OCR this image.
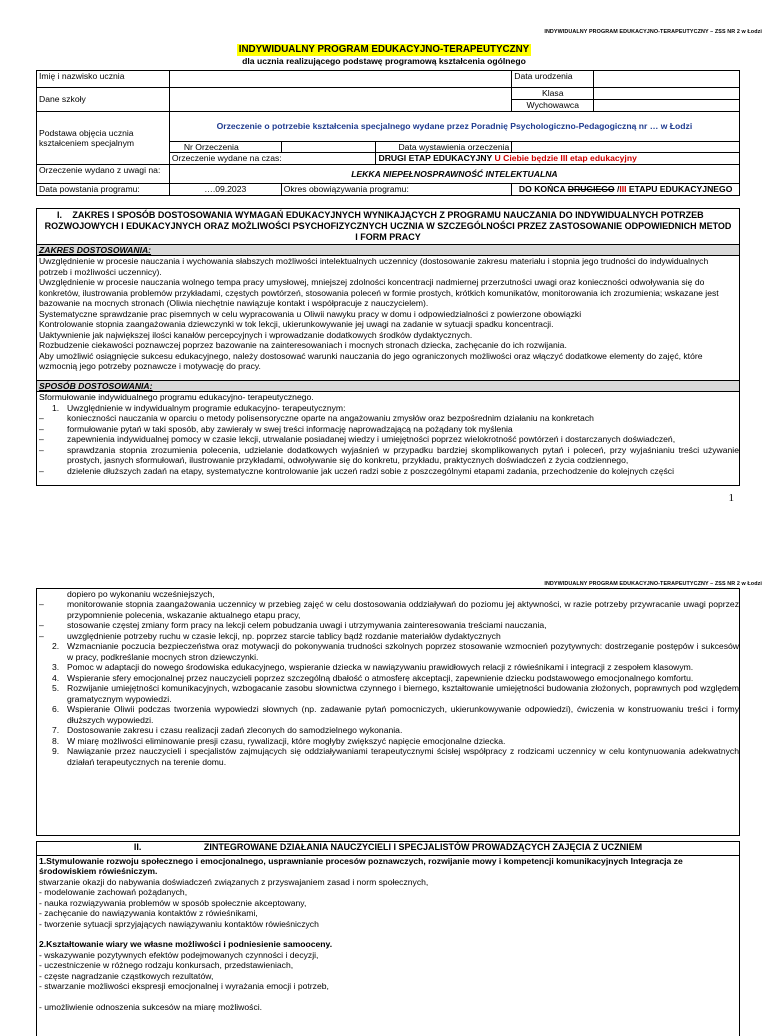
INDYWIDUALNY PROGRAM EDUKACYJNO-TERAPEUTYCZNY – ZSS NR 2 w Łodzi
INDYWIDUALNY PROGRAM EDUKACYJNO-TERAPEUTYCZNY
dla ucznia realizującego podstawę programową kształcenia ogólnego
Imię i nazwisko ucznia				Data urodzenia	
Dane szkoły				Klasa	
				Wychowawca	
Podstawa objęcia ucznia kształceniem specjalnym	Orzeczenie o potrzebie kształcenia specjalnego wydane przez Poradnię Psychologiczno-Pedagogiczną nr … w Łodzi				
	Nr Orzeczenia		Data wystawienia orzeczenia		
	Orzeczenie wydane na czas:		DRUGI ETAP EDUKACYJNY U Ciebie będzie III etap edukacyjny		
Orzeczenie wydano z uwagi na:	LEKKA NIEPEŁNOSPRAWNOŚĆ INTELEKTUALNA				
Data powstania programu:	….09.2023	Okres obowiązywania programu:		DO KOŃCA DRUGIEGO /III ETAPU EDUKACYJNEGO	
I. ZAKRES I SPOSÓB DOSTOSOWANIA WYMAGAŃ EDUKACYJNYCH WYNIKAJĄCYCH Z PROGRAMU NAUCZANIA DO INDYWIDUALNYCH POTRZEB ROZWOJOWYCH I EDUKACYJNYCH ORAZ MOŻLIWOŚCI PSYCHOFIZYCZNYCH UCZNIA W SZCZEGÓLNOŚCI PRZEZ ZASTOSOWANIE ODPOWIEDNICH METOD I FORM PRACY
ZAKRES DOSTOSOWANIA:
Uwzględnienie w procesie nauczania i wychowania słabszych możliwości intelektualnych uczennicy (dostosowanie zakresu materiału i stopnia jego trudności do indywidualnych potrzeb i możliwości uczennicy).
Uwzględnienie w procesie nauczania wolnego tempa pracy umysłowej, mniejszej zdolności koncentracji nadmiernej przerzutności uwagi oraz konieczności odwoływania się do konkretów, ilustrowania problemów przykładami, częstych powtórzeń, stosowania poleceń w formie prostych, krótkich komunikatów, monitorowania ich zrozumienia; wskazane jest bazowanie na mocnych stronach (Oliwia niechętnie nawiązuje kontakt i współpracuje z nauczycielem).
Systematyczne sprawdzanie prac pisemnych w celu wypracowania u Oliwii nawyku pracy w domu i odpowiedzialności z powierzone obowiązki
Kontrolowanie stopnia zaangażowania dziewczynki w tok lekcji, ukierunkowywanie jej uwagi na zadanie w sytuacji spadku koncentracji.
Uaktywnienie jak największej ilości kanałów percepcyjnych i wprowadzanie dodatkowych środków dydaktycznych.
Rozbudzenie ciekawości poznawczej poprzez bazowanie na zainteresowaniach i mocnych stronach dziecka, zachęcanie do ich rozwijania.
Aby umożliwić osiągnięcie sukcesu edukacyjnego, należy dostosować warunki nauczania do jego ograniczonych możliwości oraz włączyć dodatkowe elementy do zajęć, które wzmocnią jego potrzeby poznawcze i motywację do pracy.
SPOSÓB DOSTOSOWANIA:
Sformułowanie indywidualnego programu edukacyjno- terapeutycznego.
1. Uwzględnienie w indywidualnym programie edukacyjno- terapeutycznym:
– konieczności nauczania w oparciu o metody polisensoryczne oparte na angażowaniu zmysłów oraz bezpośrednim działaniu na konkretach
– formułowanie pytań w taki sposób, aby zawierały w swej treści informację naprowadzającą na pożądany tok myślenia
– zapewnienia indywidualnej pomocy w czasie lekcji, utrwalanie posiadanej wiedzy i umiejętności poprzez wielokrotność powtórzeń i dostarczanych doświadczeń,
– sprawdzania stopnia zrozumienia polecenia, udzielanie dodatkowych wyjaśnień w przypadku bardziej skomplikowanych pytań i poleceń, przy wyjaśnianiu treści używanie prostych, jasnych sformułowań, ilustrowanie przykładami, odwoływanie się do konkretu, przykładu, praktycznych doświadczeń z życia codziennego,
– dzielenie dłuższych zadań na etapy, systematyczne kontrolowanie jak uczeń radzi sobie z poszczególnymi etapami zadania, przechodzenie do kolejnych części
1
INDYWIDUALNY PROGRAM EDUKACYJNO-TERAPEUTYCZNY – ZSS NR 2 w Łodzi
dopiero po wykonaniu wcześniejszych,
– monitorowanie stopnia zaangażowania uczennicy w przebieg zajęć w celu dostosowania oddziaływań do poziomu jej aktywności, w razie potrzeby przywracanie uwagi poprzez przypomnienie polecenia, wskazanie aktualnego etapu pracy,
– stosowanie częstej zmiany form pracy na lekcji celem pobudzania uwagi i utrzymywania zainteresowania treściami nauczania,
– uwzględnienie potrzeby ruchu w czasie lekcji, np. poprzez starcie tablicy bądź rozdanie materiałów dydaktycznych
2. Wzmacnianie poczucia bezpieczeństwa oraz motywacji do pokonywania trudności szkolnych poprzez stosowanie wzmocnień pozytywnych: dostrzeganie postępów i sukcesów w pracy, podkreślanie mocnych stron dziewczynki.
3. Pomoc w adaptacji do nowego środowiska edukacyjnego, wspieranie dziecka w nawiązywaniu prawidłowych relacji z rówieśnikami i integracji z zespołem klasowym.
4. Wspieranie sfery emocjonalnej przez nauczycieli poprzez szczególną dbałość o atmosferę akceptacji, zapewnienie dziecku podstawowego emocjonalnego komfortu.
5. Rozwijanie umiejętności komunikacyjnych, wzbogacanie zasobu słownictwa czynnego i biernego, kształtowanie umiejętności budowania złożonych, poprawnych pod względem gramatycznym wypowiedzi.
6. Wspieranie Oliwii podczas tworzenia wypowiedzi słownych (np. zadawanie pytań pomocniczych, ukierunkowywanie odpowiedzi), ćwiczenia w konstruowaniu treści i formy dłuższych wypowiedzi.
7. Dostosowanie zakresu i czasu realizacji zadań zleconych do samodzielnego wykonania.
8. W miarę możliwości eliminowanie presji czasu, rywalizacji, które mogłyby zwiększyć napięcie emocjonalne dziecka.
9. Nawiązanie przez nauczycieli i specjalistów zajmujących się oddziaływaniami terapeutycznymi ścisłej współpracy z rodzicami uczennicy w celu kontynuowania adekwatnych działań terapeutycznych na terenie domu.
II.	ZINTEGROWANE DZIAŁANIA NAUCZYCIELI I SPECJALISTÓW PROWADZĄCYCH ZAJĘCIA Z UCZNIEM

1.Stymulowanie rozwoju społecznego i emocjonalnego, usprawnianie procesów poznawczych, rozwijanie mowy i kompetencji komunikacyjnych Integracja ze środowiskiem rówieśniczym.
stwarzanie okazji do nabywania doświadczeń związanych z przyswajaniem zasad i norm społecznych,
- modelowanie zachowań pożądanych,
- nauka rozwiązywania problemów w sposób społecznie akceptowany,
- zachęcanie do nawiązywania kontaktów z rówieśnikami,
- tworzenie sytuacji sprzyjających nawiązywaniu kontaktów rówieśniczych
2.Kształtowanie wiary we własne możliwości i podniesienie samooceny.
- wskazywanie pozytywnych efektów podejmowanych czynności i decyzji,
- uczestniczenie w różnego rodzaju konkursach, przedstawieniach,
- częste nagradzanie cząstkowych rezultatów,
- stwarzanie możliwości ekspresji emocjonalnej i wyrażania emocji i potrzeb,
- umożliwienie odnoszenia sukcesów na miarę możliwości.
